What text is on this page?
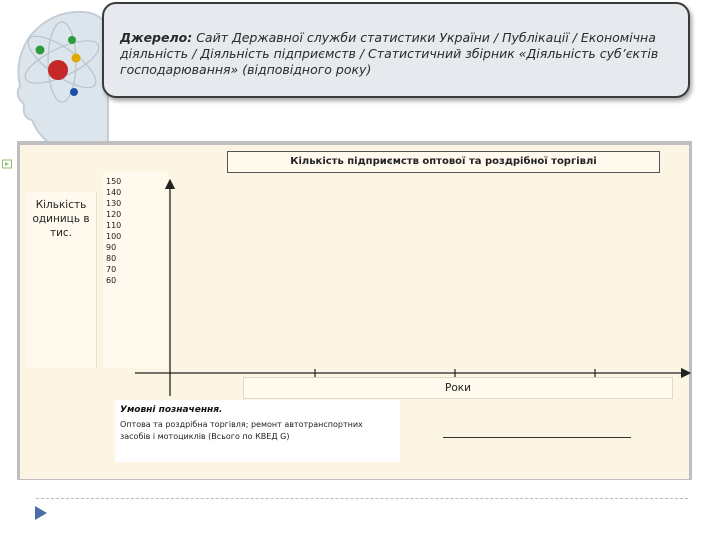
Джерело: Сайт Державної служби статистики України / Публікації / Економічна діяльність / Діяльність підприємств / Статистичний збірник «Діяльність суб’єктів господарювання» (відповідного року)
Кількість підприємств оптової та роздрібної торгівлі
Кількість одиниць в тис.
150
140
130
120
110
100
90
80
70
60
Роки
Умовні позначення.
Оптова та роздрібна торгівля; ремонт автотранспортних засобів і мотоциклів (Всього по КВЕД G)
